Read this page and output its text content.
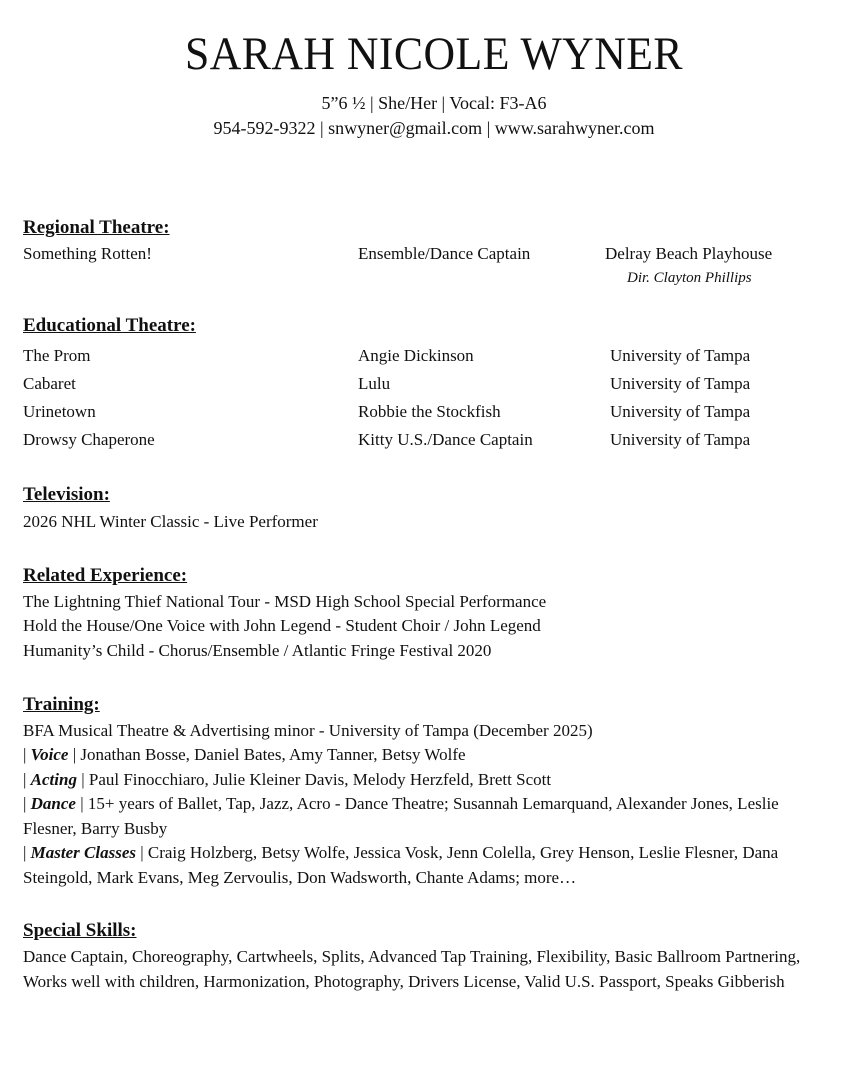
SARAH NICOLE WYNER
5”6 ½ | She/Her | Vocal: F3-A6
954-592-9322 | snwyner@gmail.com | www.sarahwyner.com
Regional Theatre:
Something Rotten!	Ensemble/Dance Captain	Delray Beach Playhouse
Dir. Clayton Phillips
Educational Theatre:
The Prom	Angie Dickinson	University of Tampa
Cabaret	Lulu	University of Tampa
Urinetown	Robbie the Stockfish	University of Tampa
Drowsy Chaperone	Kitty U.S./Dance Captain	University of Tampa
Television:
2026 NHL Winter Classic - Live Performer
Related Experience:
The Lightning Thief National Tour - MSD High School Special Performance
Hold the House/One Voice with John Legend - Student Choir / John Legend
Humanity’s Child - Chorus/Ensemble / Atlantic Fringe Festival 2020
Training:
BFA Musical Theatre & Advertising minor - University of Tampa (December 2025)
| Voice | Jonathan Bosse, Daniel Bates, Amy Tanner, Betsy Wolfe
| Acting | Paul Finocchiaro, Julie Kleiner Davis, Melody Herzfeld, Brett Scott
| Dance | 15+ years of Ballet, Tap, Jazz, Acro - Dance Theatre; Susannah Lemarquand, Alexander Jones, Leslie Flesner, Barry Busby
| Master Classes | Craig Holzberg, Betsy Wolfe, Jessica Vosk, Jenn Colella, Grey Henson, Leslie Flesner, Dana Steingold, Mark Evans, Meg Zervoulis, Don Wadsworth, Chante Adams; more…
Special Skills:
Dance Captain, Choreography, Cartwheels, Splits, Advanced Tap Training, Flexibility, Basic Ballroom Partnering, Works well with children, Harmonization, Photography, Drivers License, Valid U.S. Passport, Speaks Gibberish
